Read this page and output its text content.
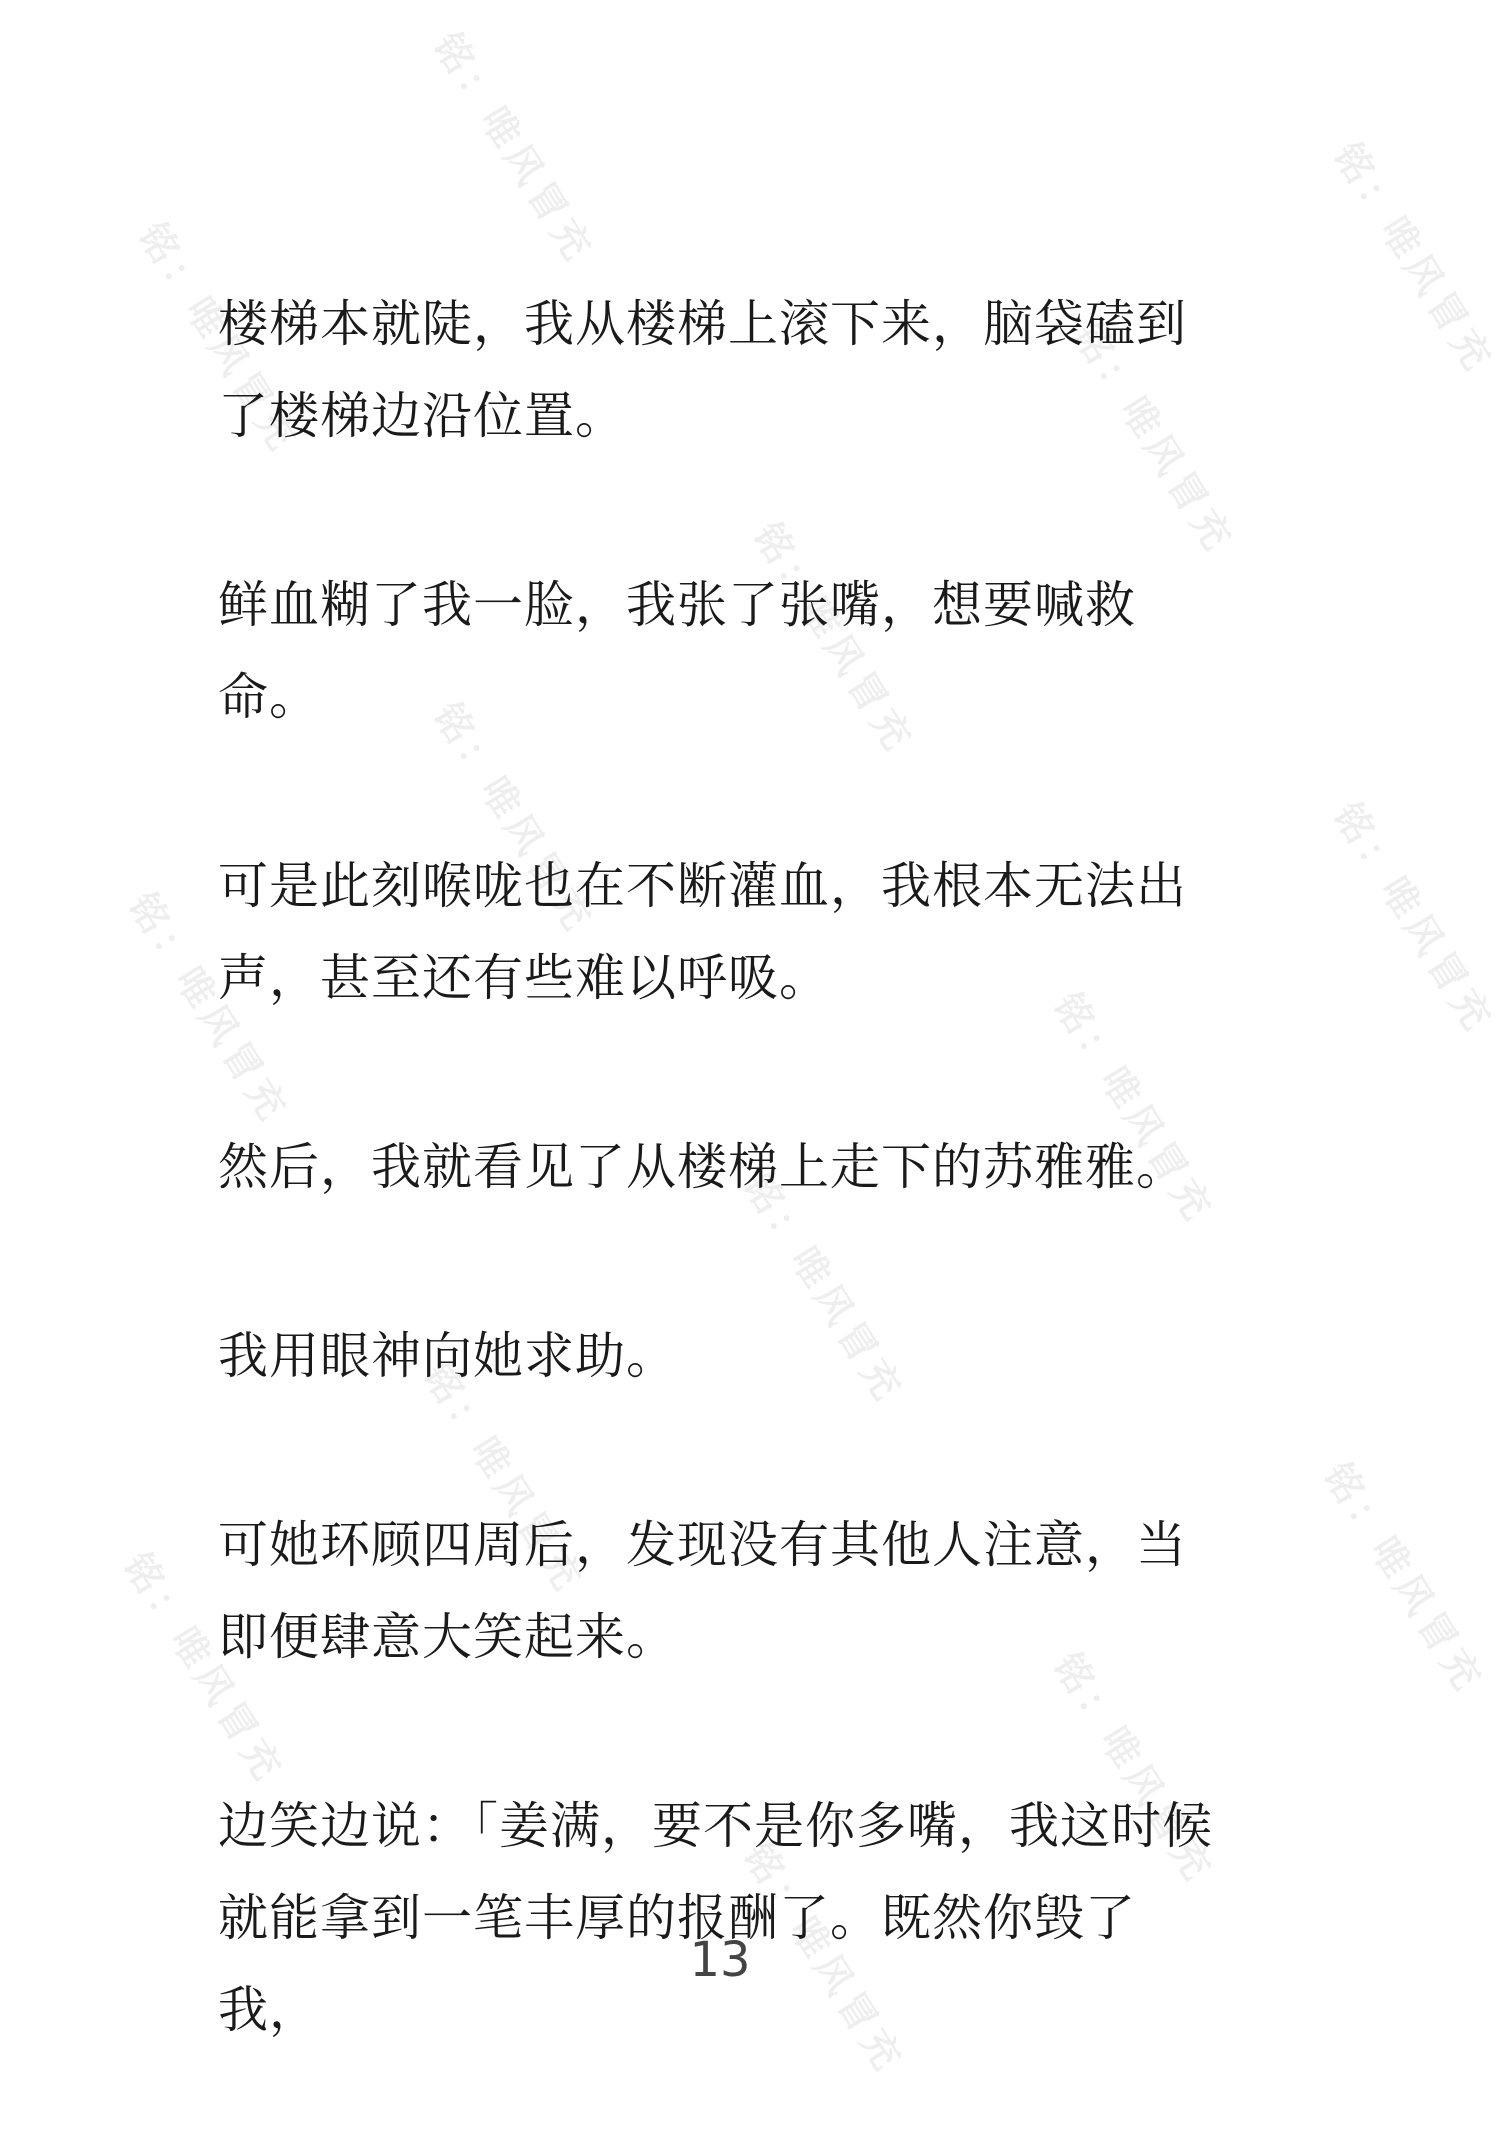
铭：唯风冒充	铭：唯风冒充
铭：唯风冒充	铭：唯风冒充
铭：唯风冒充
铭：唯风冒充	铭：唯风冒充
铭：唯风冒充	铭：唯风冒充
铭：唯风冒充
铭：唯风冒充	铭：唯风冒充
铭：唯风冒充	铭：唯风冒充
铭：唯风冒充

楼梯本就陡，我从楼梯上滚下来，脑袋磕到了楼梯边沿位置。

鲜血糊了我一脸，我张了张嘴，想要喊救命。

可是此刻喉咙也在不断灌血，我根本无法出声，甚至还有些难以呼吸。

然后，我就看见了从楼梯上走下的苏雅雅。

我用眼神向她求助。

可她环顾四周后，发现没有其他人注意，当即便肆意大笑起来。

边笑边说：「姜满，要不是你多嘴，我这时候就能拿到一笔丰厚的报酬了。既然你毁了我，

13
